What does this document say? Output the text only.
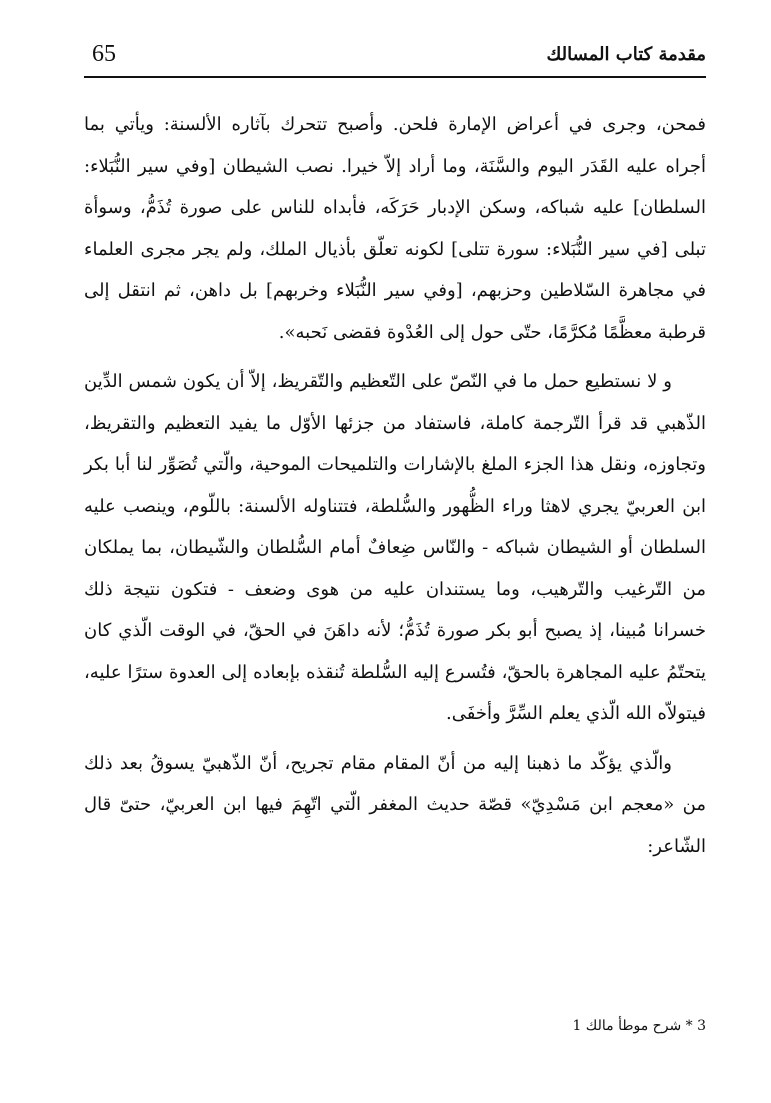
65	مقدمة كتاب المسالك

فمحن، وجرى في أعراض الإمارة فلحن. وأصبح تتحرك بآثاره الألسنة: ويأتي بما أجراه عليه القَدَر اليوم والسَّنَة، وما أراد إلاّ خيرا. نصب الشيطان [وفي سير النُّبَلاء: السلطان] عليه شباكه، وسكن الإدبار حَرَكَه، فأبداه للناس على صورة تُذَمُّ، وسوأة تبلى [في سير النُّبَلاء: سورة تتلى] لكونه تعلّق بأذيال الملك، ولم يجر مجرى العلماء في مجاهرة السّلاطين وحزبهم، [وفي سير النُّبَلاء وخربهم] بل داهن، ثم انتقل إلى قرطبة معظَّمًا مُكرَّمًا، حتّى حول إلى العُدْوة فقضى نَحبه».

و لا نستطيع حمل ما في النّصّ على التّعظيم والتّقريظ، إلاّ أن يكون شمس الدِّين الذّهبي قد قرأ التّرجمة كاملة، فاستفاد من جزئها الأوّل ما يفيد التعظيم والتقريظ، وتجاوزه، ونقل هذا الجزء الملغ بالإشارات والتلميحات الموحية، والّتي تُصَوِّر لنا أبا بكر ابن العربيّ يجري لاهثا وراء الظُّهور والسُّلطة، فتتناوله الألسنة: باللّوم، وينصب عليه السلطان أو الشيطان شباكه - والنّاس ضِعافٌ أمام السُّلطان والشّيطان، بما يملكان من التّرغيب والتّرهيب، وما يستندان عليه من هوى وضعف - فتكون نتيجة ذلك خسرانا مُبينا، إذ يصبح أبو بكر صورة تُذَمُّ؛ لأنه داهَنَ في الحقّ، في الوقت الّذي كان يتحتّمُ عليه المجاهرة بالحقّ، فتُسرع إليه السُّلطة تُنقذه بإبعاده إلى العدوة سترًا عليه، فيتولاّه الله الّذي يعلم السِّرَّ وأخفَى.

والّذي يؤكّد ما ذهبنا إليه من أنّ المقام مقام تجريح، أنّ الذّهبيّ يسوقُ بعد ذلك من «معجم ابن مَسْدِيّ» قصّة حديث المغفر الّتي اتّهِمَ فيها ابن العربيّ، حتىّ قال الشّاعر:

3 * شرح موطأ مالك 1
